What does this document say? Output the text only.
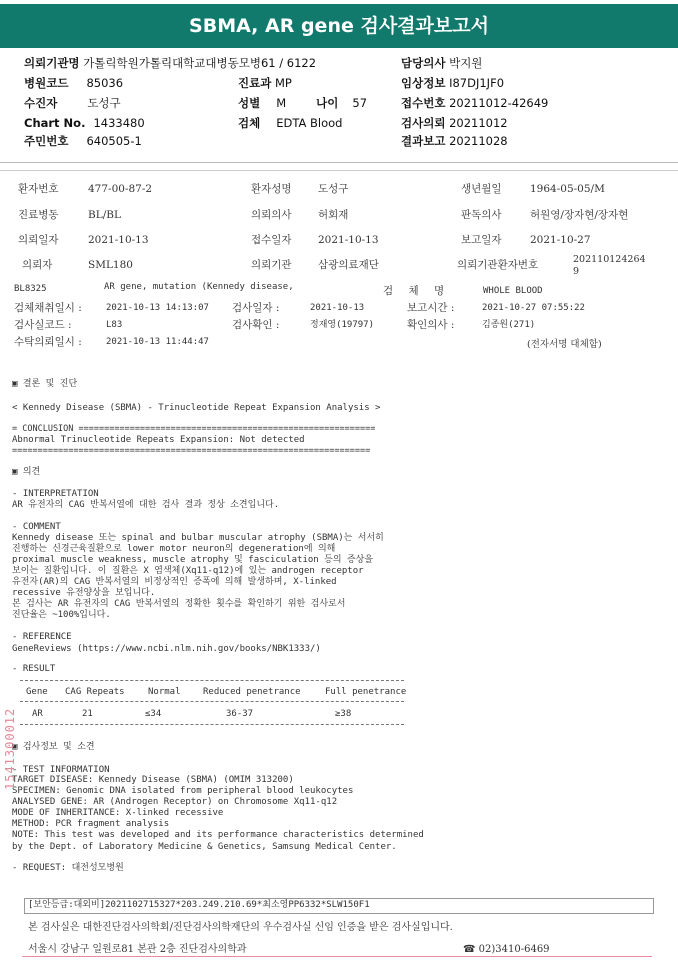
SBMA, AR gene 검사결과보고서
의뢰기관명 가톨릭학원가톨릭대학교대병동모병61 / 6122
병원코드 85036
수진자	도성구
Chart No. 1433480
주민번호 640505-1
진료과 MP
성별 M	나이 57
검체 EDTA Blood
담당의사 박지원
임상정보 I87DJ1JF0
접수번호 20211012-42649
검사의뢰 20211012
결과보고 20211028
환자번호	477-00-87-2	환자성명	도성구	생년월일	1964-05-05/M
진료병동	BL/BL	의뢰의사	허회재	판독의사	허원영/장자현/장자현
의뢰일자	2021-10-13	접수일자	2021-10-13	보고일자	2021-10-27
의뢰자	SML180	의뢰기관	삼광의료재단	의뢰기관환자번호	202110124264
9
BL8325	AR gene, mutation (Kennedy disease,	검 체 명	WHOLE BLOOD
검체채취일시 :	2021-10-13 14:13:07 검사일자 :	2021-10-13	보고시간 :	2021-10-27 07:55:22
검사실코드 :	L83	검사확인 :	정재영(19797)	확인의사 :	김종원(271)
수탁의뢰일시 :	2021-10-13 11:44:47	(전자서명 대체함)
▣ 결론 및 진단
< Kennedy Disease (SBMA) - Trinucleotide Repeat Expansion Analysis >
= CONCLUSION ==========================================================
Abnormal Trinucleotide Repeats Expansion: Not detected
======================================================================
▣ 의견
- INTERPRETATION
AR 유전자의 CAG 반복서열에 대한 검사 결과 정상 소견입니다.
- COMMENT
Kennedy disease 또는 spinal and bulbar muscular atrophy (SBMA)는 서서히
진행하는 신경근육질환으로 lower motor neuron의 degeneration에 의해
proximal muscle weakness, muscle atrophy 및 fasciculation 등의 증상을
보이는 질환입니다. 이 질환은 X 염색체(Xq11-q12)에 있는 androgen receptor
유전자(AR)의 CAG 반복서열의 비정상적인 증폭에 의해 발생하며, X-linked
recessive 유전양상을 보입니다.
본 검사는 AR 유전자의 CAG 반복서열의 정확한 횟수를 확인하기 위한 검사로서
진단율은 ~100%입니다.
- REFERENCE
GeneReviews (https://www.ncbi.nlm.nih.gov/books/NBK1333/)
- RESULT
Gene CAG Repeats	Normal Reduced penetrance	Full penetrance
AR	21	≤34	36-37	≥38
▣ 검사정보 및 소견
- TEST INFORMATION
TARGET DISEASE: Kennedy Disease (SBMA) (OMIM 313200)
SPECIMEN: Genomic DNA isolated from peripheral blood leukocytes
ANALYSED GENE: AR (Androgen Receptor) on Chromosome Xq11-q12
MODE OF INHERITANCE: X-linked recessive
METHOD: PCR fragment analysis
NOTE: This test was developed and its performance characteristics determined
by the Dept. of Laboratory Medicine & Genetics, Samsung Medical Center.
- REQUEST: 대전성모병원
1541300012
[보안등급:대외비]2021102715327*203.249.210.69*최소영PP6332*SLW150F1
본 검사실은 대한진단검사의학회/진단검사의학재단의 우수검사실 신임 인증을 받은 검사실입니다.
서울시 강남구 일원로81 본관 2층 진단검사의학과	☎ 02)3410-6469
